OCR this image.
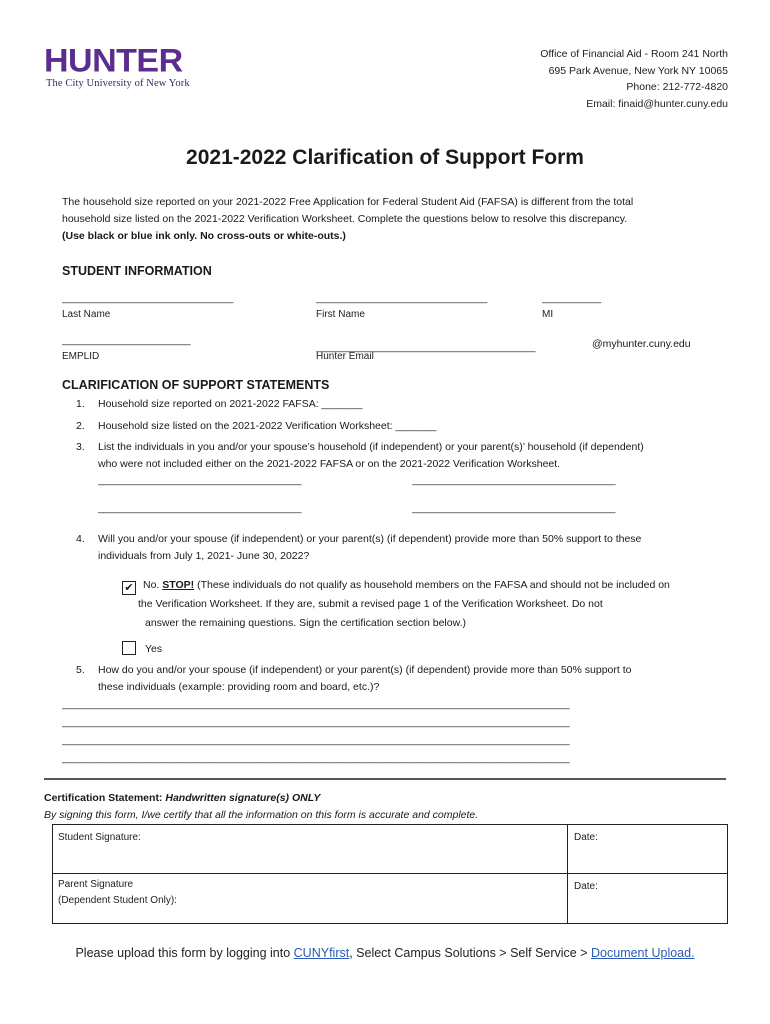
HUNTER
The City University of New York
Office of Financial Aid - Room 241 North
695 Park Avenue, New York NY 10065
Phone: 212-772-4820
Email: finaid@hunter.cuny.edu
2021-2022 Clarification of Support Form
The household size reported on your 2021-2022 Free Application for Federal Student Aid (FAFSA) is different from the total
household size listed on the 2021-2022 Verification Worksheet. Complete the questions below to resolve this discrepancy.
(Use black or blue ink only. No cross-outs or white-outs.)
STUDENT INFORMATION
________________________________	________________________________	___________
Last Name	First Name	MI
________________________
_________________________________________	@myhunter.cuny.edu
EMPLID	Hunter Email
CLARIFICATION OF SUPPORT STATEMENTS
1. Household size reported on 2021-2022 FAFSA: _______
2. Household size listed on the 2021-2022 Verification Worksheet: _______
3. List the individuals in you and/or your spouse’s household (if independent) or your parent(s)’ household (if dependent)
who were not included either on the 2021-2022 FAFSA or on the 2021-2022 Verification Worksheet.
______________________________________	______________________________________
______________________________________	______________________________________
4. Will you and/or your spouse (if independent) or your parent(s) (if dependent) provide more than 50% support to these
individuals from July 1, 2021- June 30, 2022?
✔ No. STOP! (These individuals do not qualify as household members on the FAFSA and should not be included on
the Verification Worksheet. If they are, submit a revised page 1 of the Verification Worksheet. Do not
answer the remaining questions. Sign the certification section below.)
Yes
5. How do you and/or your spouse (if independent) or your parent(s) (if dependent) provide more than 50% support to
these individuals (example: providing room and board, etc.)?
_______________________________________________________________________________________________
_______________________________________________________________________________________________
_______________________________________________________________________________________________
_______________________________________________________________________________________________
Certification Statement: Handwritten signature(s) ONLY
By signing this form, I/we certify that all the information on this form is accurate and complete.
Student Signature:	Date:
Parent Signature
(Dependent Student Only):
Date:
Please upload this form by logging into CUNYfirst, Select Campus Solutions > Self Service > Document Upload.
